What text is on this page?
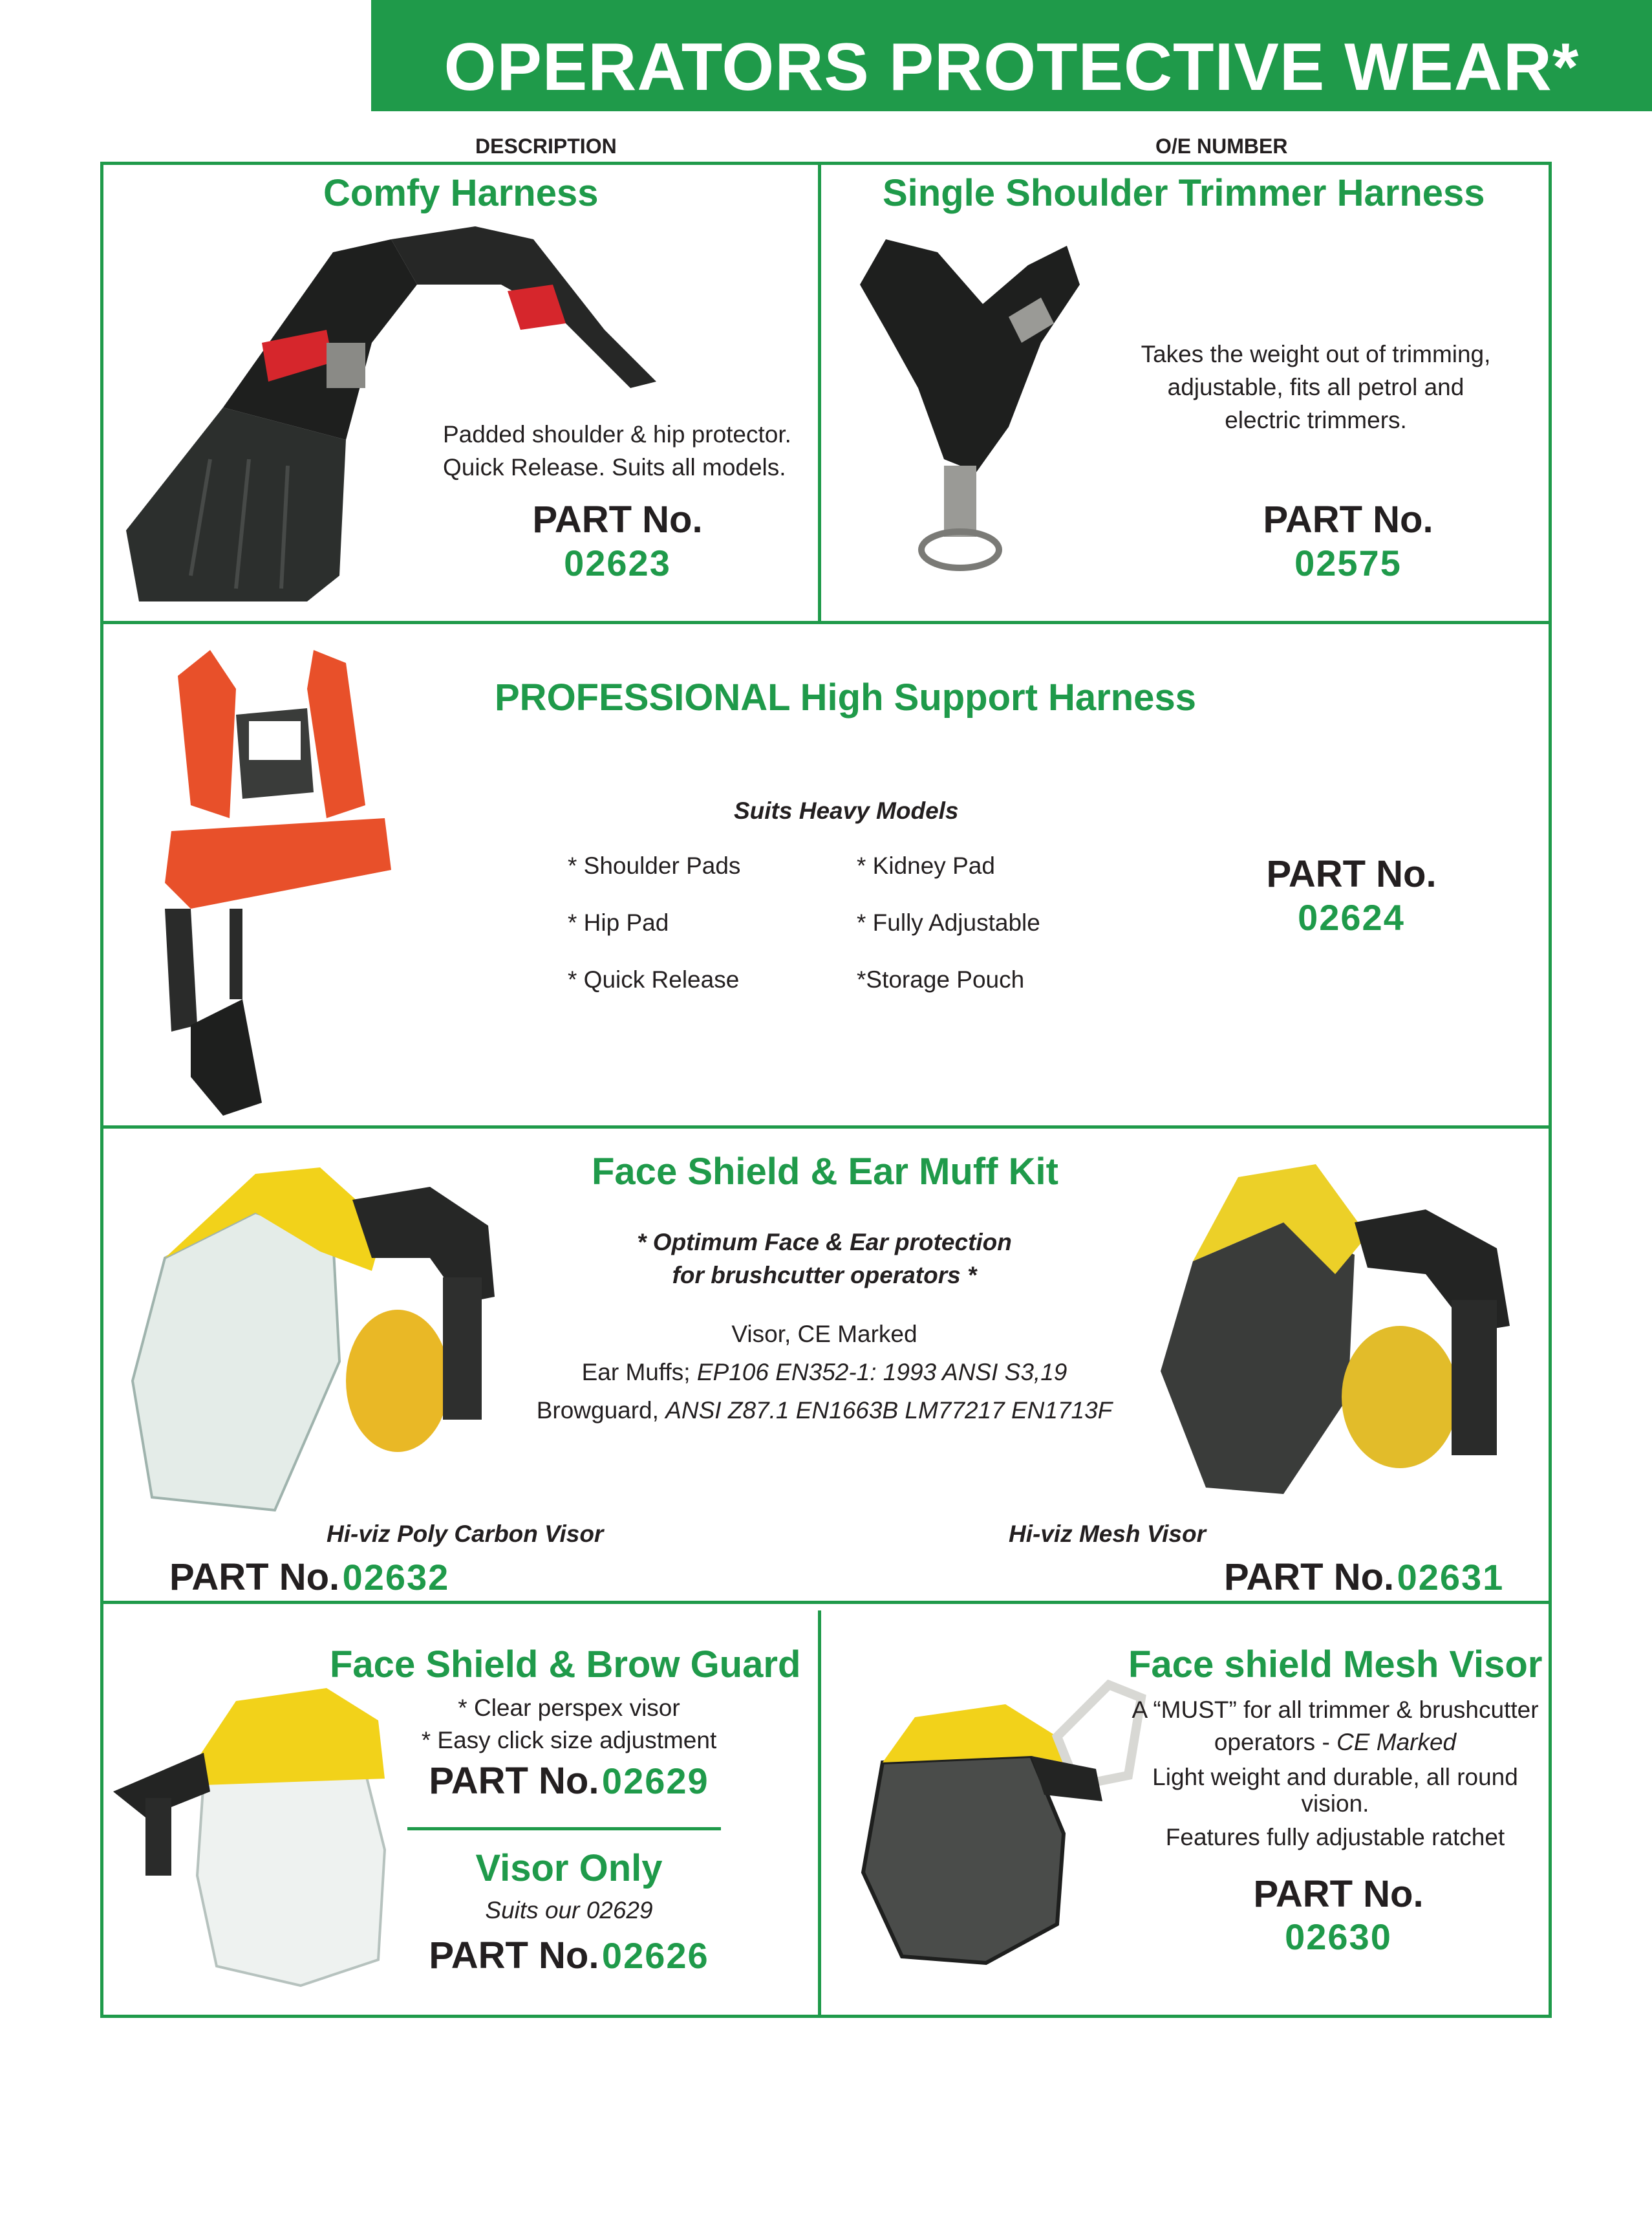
OPERATORS PROTECTIVE WEAR*
DESCRIPTION	O/E NUMBER
Comfy Harness
Padded shoulder & hip protector.
Quick Release. Suits all models.
PART No.
02623
Single Shoulder Trimmer Harness
Takes the weight out of trimming,
adjustable, fits all petrol and
electric trimmers.
PART No.
02575
PROFESSIONAL High Support Harness
Suits Heavy Models
* Shoulder Pads	* Kidney Pad
* Hip Pad	* Fully Adjustable
* Quick Release	*Storage Pouch
PART No.
02624
Face Shield & Ear Muff Kit
* Optimum Face & Ear protection
for brushcutter operators *
Visor, CE Marked
Ear Muffs; EP106 EN352-1: 1993 ANSI S3,19
Browguard, ANSI Z87.1 EN1663B LM77217 EN1713F
Hi-viz Poly Carbon Visor	Hi-viz Mesh Visor
PART No. 02632	PART No. 02631
Face Shield & Brow Guard
* Clear perspex visor
* Easy click size adjustment
PART No. 02629
Visor Only
Suits our 02629
PART No. 02626
Face shield Mesh Visor
A “MUST” for all trimmer & brushcutter
operators - CE Marked
Light weight and durable, all round
vision.
Features fully adjustable ratchet
PART No.
02630
